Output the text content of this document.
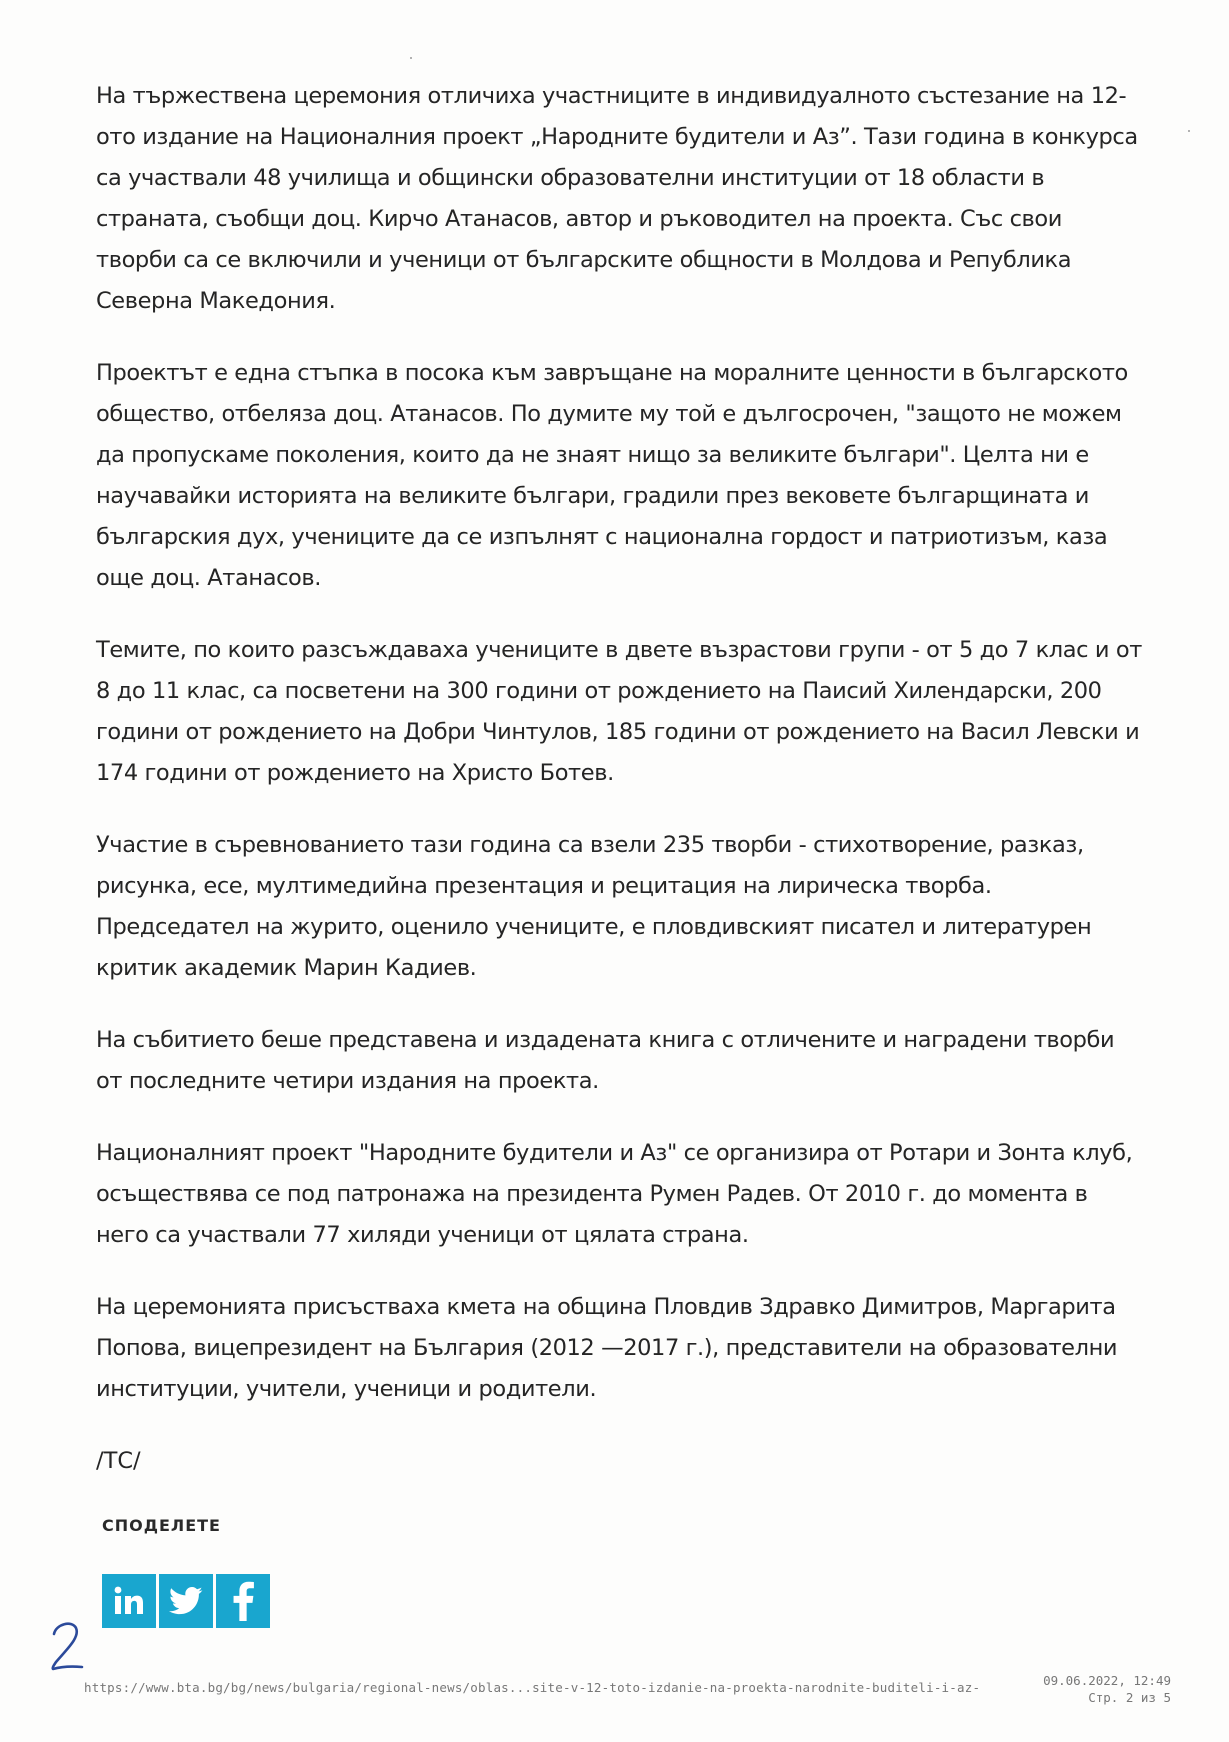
На тържествена церемония отличиха участниците в индивидуалното състезание на 12-ото издание на Националния проект „Народните будители и Аз”. Тази година в конкурса са участвали 48 училища и общински образователни институции от 18 области в страната, съобщи доц. Кирчо Атанасов, автор и ръководител на проекта. Със свои творби са се включили и ученици от българските общности в Молдова и Република Северна Македония.

Проектът е една стъпка в посока към завръщане на моралните ценности в българското общество, отбеляза доц. Атанасов. По думите му той е дългосрочен, "защото не можем да пропускаме поколения, които да не знаят нищо за великите българи". Целта ни е научавайки историята на великите българи, градили през вековете българщината и българския дух, учениците да се изпълнят с национална гордост и патриотизъм, каза още доц. Атанасов.

Темите, по които разсъждаваха учениците в двете възрастови групи - от 5 до 7 клас и от 8 до 11 клас, са посветени на 300 години от рождението на Паисий Хилендарски, 200 години от рождението на Добри Чинтулов, 185 години от рождението на Васил Левски и 174 години от рождението на Христо Ботев.

Участие в съревнованието тази година са взели 235 творби - стихотворение, разказ, рисунка, есе, мултимедийна презентация и рецитация на лирическа творба. Председател на журито, оценило учениците, е пловдивският писател и литературен критик академик Марин Кадиев.

На събитието беше представена и издадената книга с отличените и наградени творби от последните четири издания на проекта.

Националният проект "Народните будители и Аз" се организира от Ротари и Зонта клуб, осъществява се под патронажа на президента Румен Радев. От 2010 г. до момента в него са участвали 77 хиляди ученици от цялата страна.

На церемонията присъстваха кмета на община Пловдив Здравко Димитров, Маргарита Попова, вицепрезидент на България (2012 —2017 г.), представители на образователни институции, учители, ученици и родители.

/ТС/
СПОДЕЛЕТЕ
https://www.bta.bg/bg/news/bulgaria/regional-news/oblas...site-v-12-toto-izdanie-na-proekta-narodnite-buditeli-i-az-	09.06.2022, 12:49
Стр. 2 из 5
